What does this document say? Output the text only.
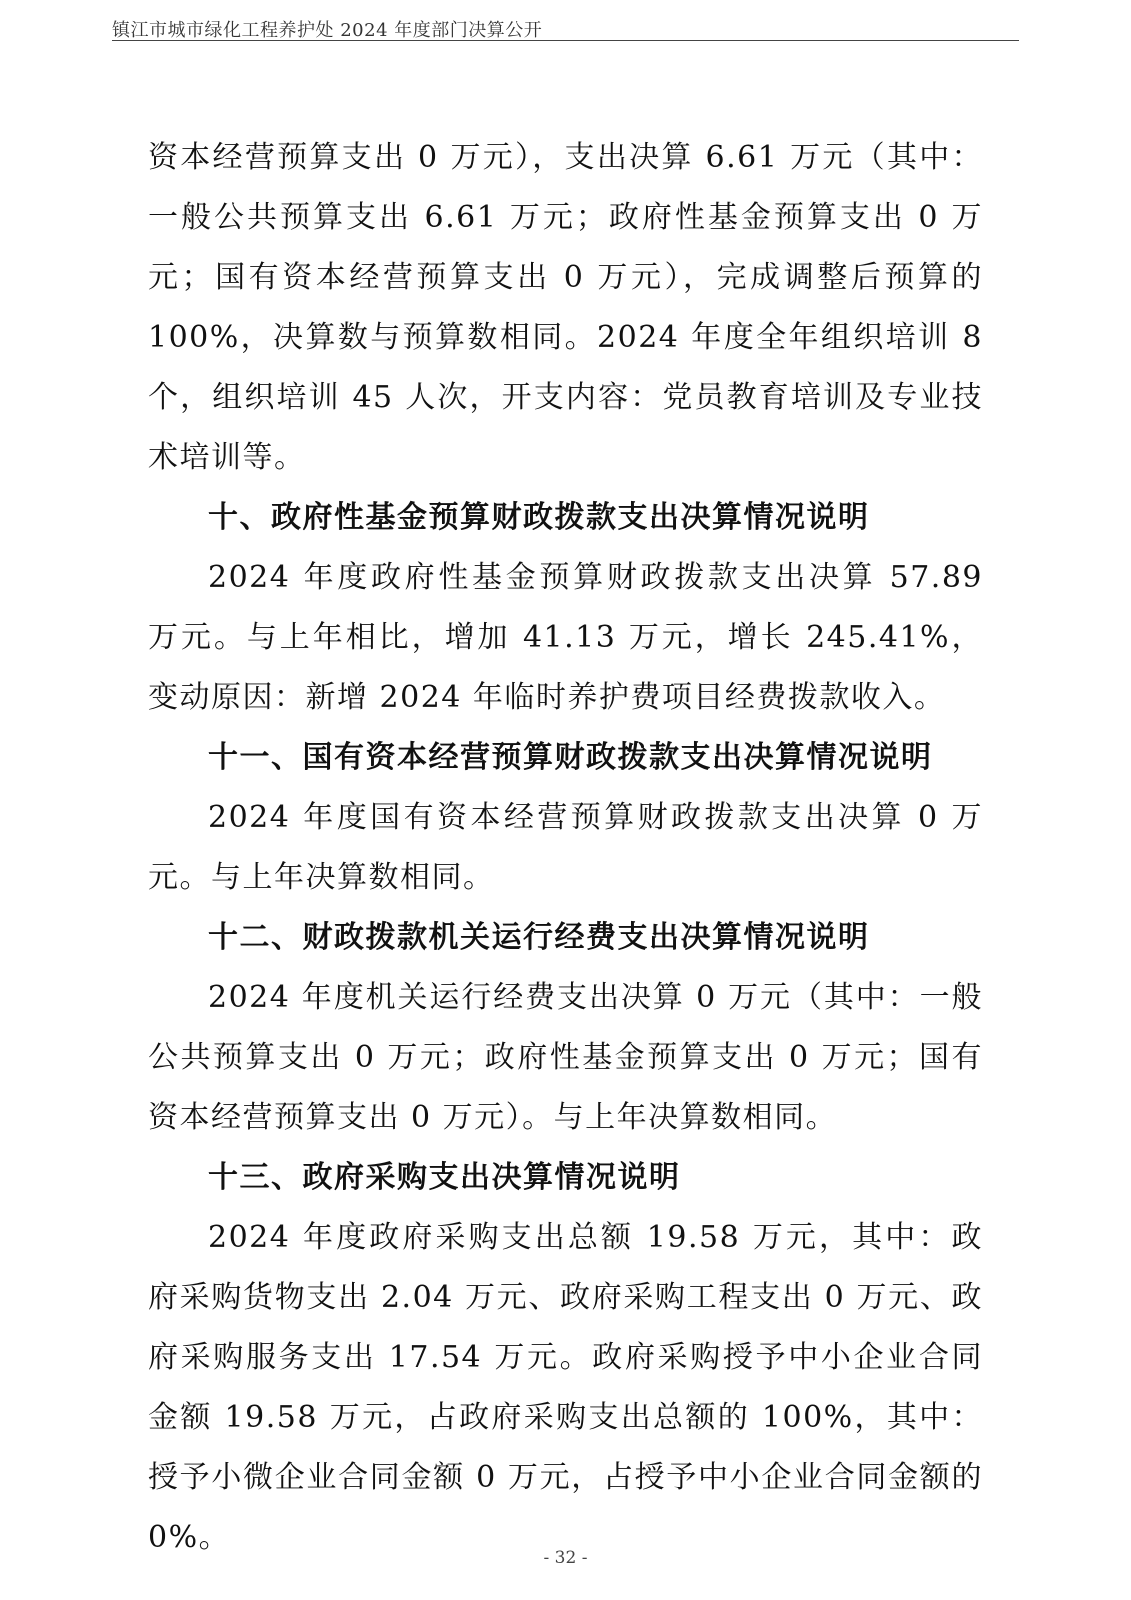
镇江市城市绿化工程养护处 2024 年度部门决算公开

资本经营预算支出 0 万元），支出决算 6.61 万元（其中：一般公共预算支出 6.61 万元；政府性基金预算支出 0 万元；国有资本经营预算支出 0 万元），完成调整后预算的 100%，决算数与预算数相同。2024 年度全年组织培训 8 个，组织培训 45 人次，开支内容：党员教育培训及专业技术培训等。

十、政府性基金预算财政拨款支出决算情况说明

2024 年度政府性基金预算财政拨款支出决算 57.89 万元。与上年相比，增加 41.13 万元，增长 245.41%，变动原因：新增 2024 年临时养护费项目经费拨款收入。

十一、国有资本经营预算财政拨款支出决算情况说明

2024 年度国有资本经营预算财政拨款支出决算 0 万元。与上年决算数相同。

十二、财政拨款机关运行经费支出决算情况说明

2024 年度机关运行经费支出决算 0 万元（其中：一般公共预算支出 0 万元；政府性基金预算支出 0 万元；国有资本经营预算支出 0 万元）。与上年决算数相同。

十三、政府采购支出决算情况说明

2024 年度政府采购支出总额 19.58 万元，其中：政府采购货物支出 2.04 万元、政府采购工程支出 0 万元、政府采购服务支出 17.54 万元。政府采购授予中小企业合同金额 19.58 万元，占政府采购支出总额的 100%，其中：授予小微企业合同金额 0 万元，占授予中小企业合同金额的 0%。

- 32 -
